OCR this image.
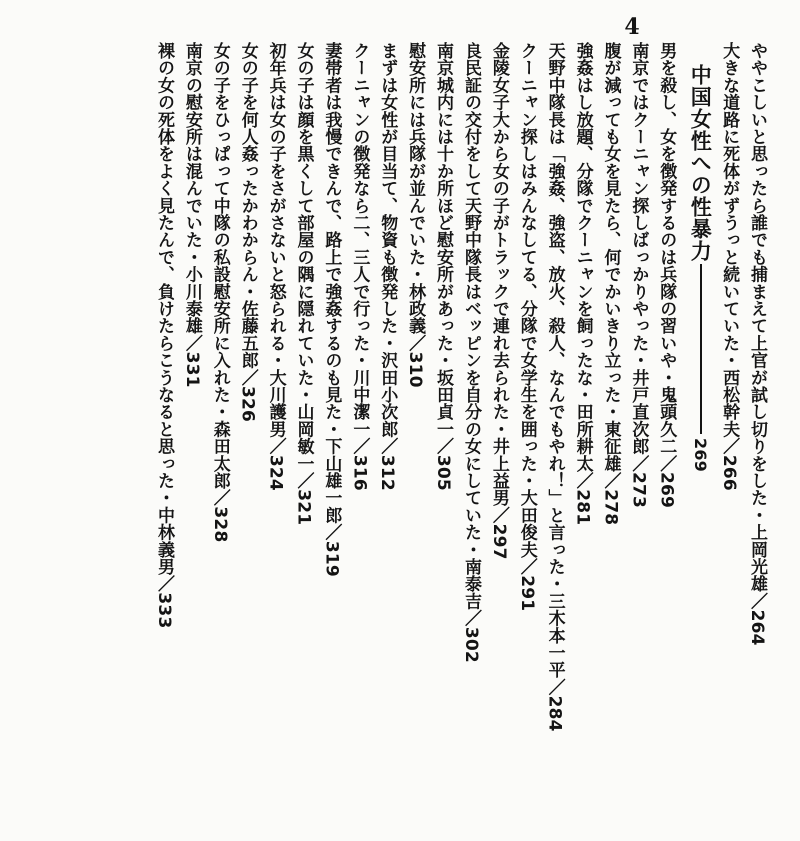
4
ややこしいと思ったら誰でも捕まえて上官が試し切りをした・上岡光雄／264
大きな道路に死体がずうっと続いていた・西松幹夫／266
中国女性への性暴力269
男を殺し、女を徴発するのは兵隊の習いや・鬼頭久二／269
南京ではクーニャン探しばっかりやった・井戸直次郎／273
腹が減っても女を見たら、何でかいきり立った・東征雄／278
強姦はし放題、分隊でクーニャンを飼ったな・田所耕太／281
天野中隊長は「強姦、強盗、放火、殺人、なんでもやれ！」と言った・三木本一平／284
クーニャン探しはみんなしてる、分隊で女学生を囲った・大田俊夫／291
金陵女子大から女の子がトラックで連れ去られた・井上益男／297
良民証の交付をして天野中隊長はベッピンを自分の女にしていた・南泰吉／302
南京城内には十か所ほど慰安所があった・坂田貞一／305
慰安所には兵隊が並んでいた・林政義／310
まずは女性が目当て、物資も徴発した・沢田小次郎／312
クーニャンの徴発なら二、三人で行った・川中潔一／316
妻帯者は我慢できんで、路上で強姦するのも見た・下山雄一郎／319
女の子は顔を黒くして部屋の隅に隠れていた・山岡敏一／321
初年兵は女の子をさがさないと怒られる・大川護男／324
女の子を何人姦ったかわからん・佐藤五郎／326
女の子をひっぱって中隊の私設慰安所に入れた・森田太郎／328
南京の慰安所は混んでいた・小川泰雄／331
裸の女の死体をよく見たんで、負けたらこうなると思った・中林義男／333
